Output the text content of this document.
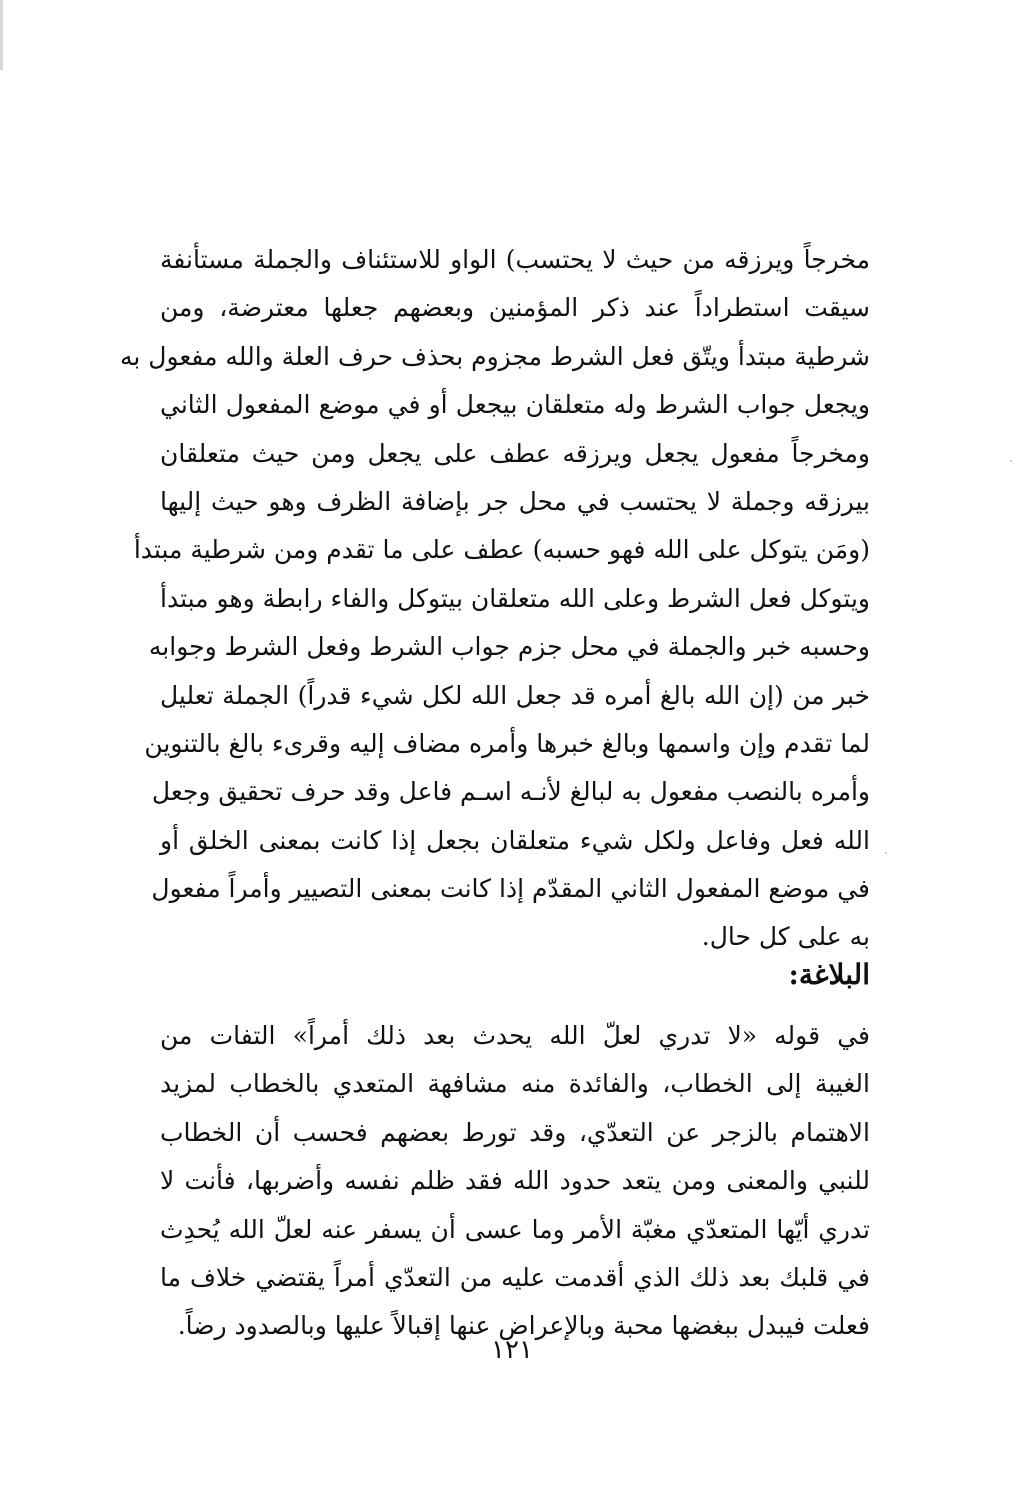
مخرجاً ويرزقه من حيث لا يحتسب) الواو للاستئناف والجملة مستأنفة
سيقت استطراداً عند ذكر المؤمنين وبعضهم جعلها معترضة، ومن
شرطية مبتدأ ويتّق فعل الشرط مجزوم بحذف حرف العلة والله مفعول به
ويجعل جواب الشرط وله متعلقان بيجعل أو في موضع المفعول الثاني
ومخرجاً مفعول يجعل ويرزقه عطف على يجعل ومن حيث متعلقان
بيرزقه وجملة لا يحتسب في محل جر بإضافة الظرف وهو حيث إليها
(ومَن يتوكل على الله فهو حسبه) عطف على ما تقدم ومن شرطية مبتدأ
ويتوكل فعل الشرط وعلى الله متعلقان بيتوكل والفاء رابطة وهو مبتدأ
وحسبه خبر والجملة في محل جزم جواب الشرط وفعل الشرط وجوابه
خبر من (إن الله بالغ أمره قد جعل الله لكل شيء قدراً) الجملة تعليل
لما تقدم وإن واسمها وبالغ خبرها وأمره مضاف إليه وقرىء بالغ بالتنوين
وأمره بالنصب مفعول به لبالغ لأنـه اسـم فاعل وقد حرف تحقيق وجعل
الله فعل وفاعل ولكل شيء متعلقان بجعل إذا كانت بمعنى الخلق أو
في موضع المفعول الثاني المقدّم إذا كانت بمعنى التصيير وأمراً مفعول
به على كل حال.
البلاغة:
في قوله «لا تدري لعلّ الله يحدث بعد ذلك أمراً» التفات من
الغيبة إلى الخطاب، والفائدة منه مشافهة المتعدي بالخطاب لمزيد
الاهتمام بالزجر عن التعدّي، وقد تورط بعضهم فحسب أن الخطاب
للنبي والمعنى ومن يتعد حدود الله فقد ظلم نفسه وأضربها، فأنت لا
تدري أيّها المتعدّي مغبّة الأمر وما عسى أن يسفر عنه لعلّ الله يُحدِث
في قلبك بعد ذلك الذي أقدمت عليه من التعدّي أمراً يقتضي خلاف ما
فعلت فيبدل ببغضها محبة وبالإعراض عنها إقبالاً عليها وبالصدود رضاً.
١٢١
